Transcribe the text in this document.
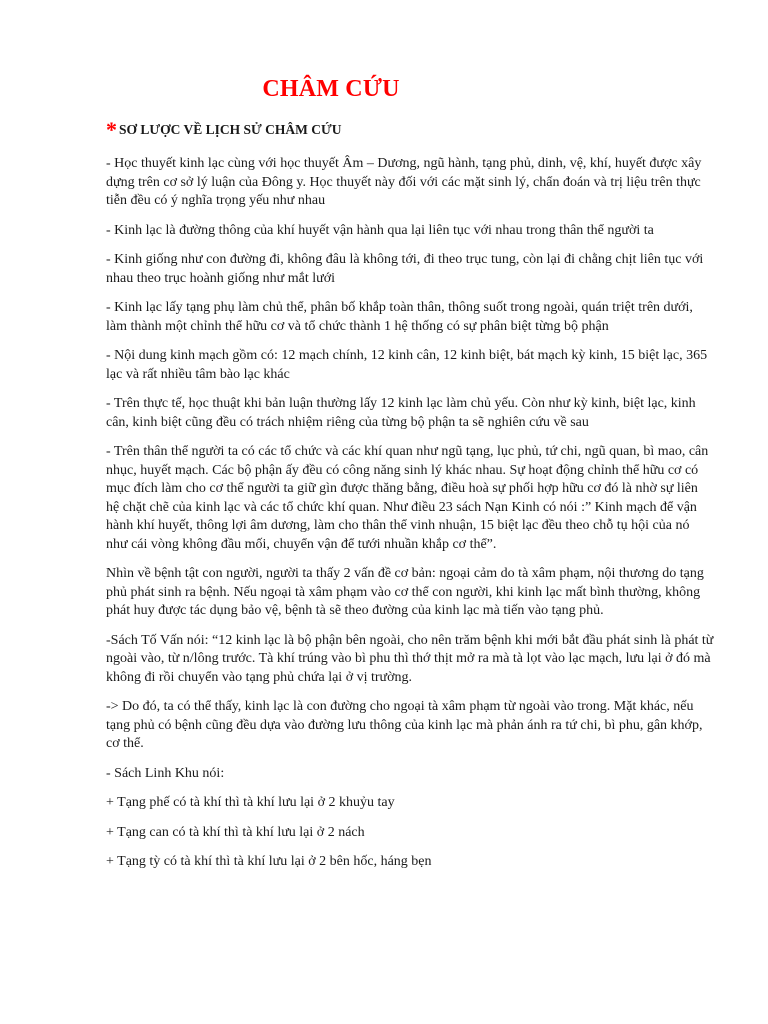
CHÂM CỨU
* SƠ LƯỢC VỀ LỊCH SỬ CHÂM CỨU

- Học thuyết kinh lạc cùng với học thuyết Âm – Dương, ngũ hành, tạng phủ, dinh, vệ, khí, huyết được xây dựng trên cơ sở lý luận của Đông y. Học thuyết này đối với các mặt sinh lý, chẩn đoán và trị liệu trên thực tiễn đều có ý nghĩa trọng yếu như nhau

- Kinh lạc là đường thông của khí huyết vận hành qua lại liên tục với nhau trong thân thể người ta

- Kinh giống như con đường đi, không đâu là không tới, đi theo trục tung, còn lại đi chằng chịt liên tục với nhau theo trục hoành giống như mắt lưới

- Kinh lạc lấy tạng phụ làm chủ thể, phân bố khắp toàn thân, thông suốt trong ngoài, quán triệt trên dưới, làm thành một chỉnh thể hữu cơ và tổ chức thành 1 hệ thống có sự phân biệt từng bộ phận

- Nội dung kinh mạch gồm có: 12 mạch chính, 12 kinh cân, 12 kinh biệt, bát mạch kỳ kinh, 15 biệt lạc, 365 lạc và rất nhiều tâm bào lạc khác

- Trên thực tế, học thuật khi bản luận thường lấy 12 kinh lạc làm chủ yếu. Còn như kỳ kinh, biệt lạc, kinh cân, kinh biệt cũng đều có trách nhiệm riêng của từng bộ phận ta sẽ nghiên cứu về sau

- Trên thân thể người ta có các tổ chức và các khí quan như ngũ tạng, lục phủ, tứ chi, ngũ quan, bì mao, cân nhục, huyết mạch. Các bộ phận ấy đều có công năng sinh lý khác nhau. Sự hoạt động chỉnh thể hữu cơ có mục đích làm cho cơ thể người ta giữ gìn được thăng bằng, điều hoà sự phối hợp hữu cơ đó là nhờ sự liên hệ chặt chẽ của kinh lạc và các tổ chức khí quan. Như điều 23 sách Nạn Kinh có nói :” Kinh mạch để vận hành khí huyết, thông lợi âm dương, làm cho thân thể vinh nhuận, 15 biệt lạc đều theo chỗ tụ hội của nó như cái vòng không đầu mối, chuyển vận để tưới nhuần khắp cơ thể”.

Nhìn về bệnh tật con người, người ta thấy 2 vấn đề cơ bản: ngoại cảm do tà xâm phạm, nội thương do tạng phủ phát sinh ra bệnh. Nếu ngoại tà xâm phạm vào cơ thể con người, khi kinh lạc mất bình thường, không phát huy được tác dụng bảo vệ, bệnh tà sẽ theo đường của kinh lạc mà tiến vào tạng phủ.

-Sách Tố Vấn nói: “12 kinh lạc là bộ phận bên ngoài, cho nên trăm bệnh khi mới bắt đầu phát sinh là phát từ ngoài vào, từ n/lông trước. Tà khí trúng vào bì phu thì thớ thịt mở ra mà tà lọt vào lạc mạch, lưu lại ở đó mà không đi rồi chuyển vào tạng phủ chứa lại ở vị trường.

-> Do đó, ta có thể thấy, kinh lạc là con đường cho ngoại tà xâm phạm từ ngoài vào trong. Mặt khác, nếu tạng phủ có bệnh cũng đều dựa vào đường lưu thông của kinh lạc mà phản ánh ra tứ chi, bì phu, gân khớp, cơ thể.

- Sách Linh Khu nói:

+ Tạng phế có tà khí thì tà khí lưu lại ở 2 khuỷu tay

+ Tạng can có tà khí thì tà khí lưu lại ở 2 nách

+ Tạng tỳ có tà khí thì tà khí lưu lại ở 2 bên hốc, háng bẹn
